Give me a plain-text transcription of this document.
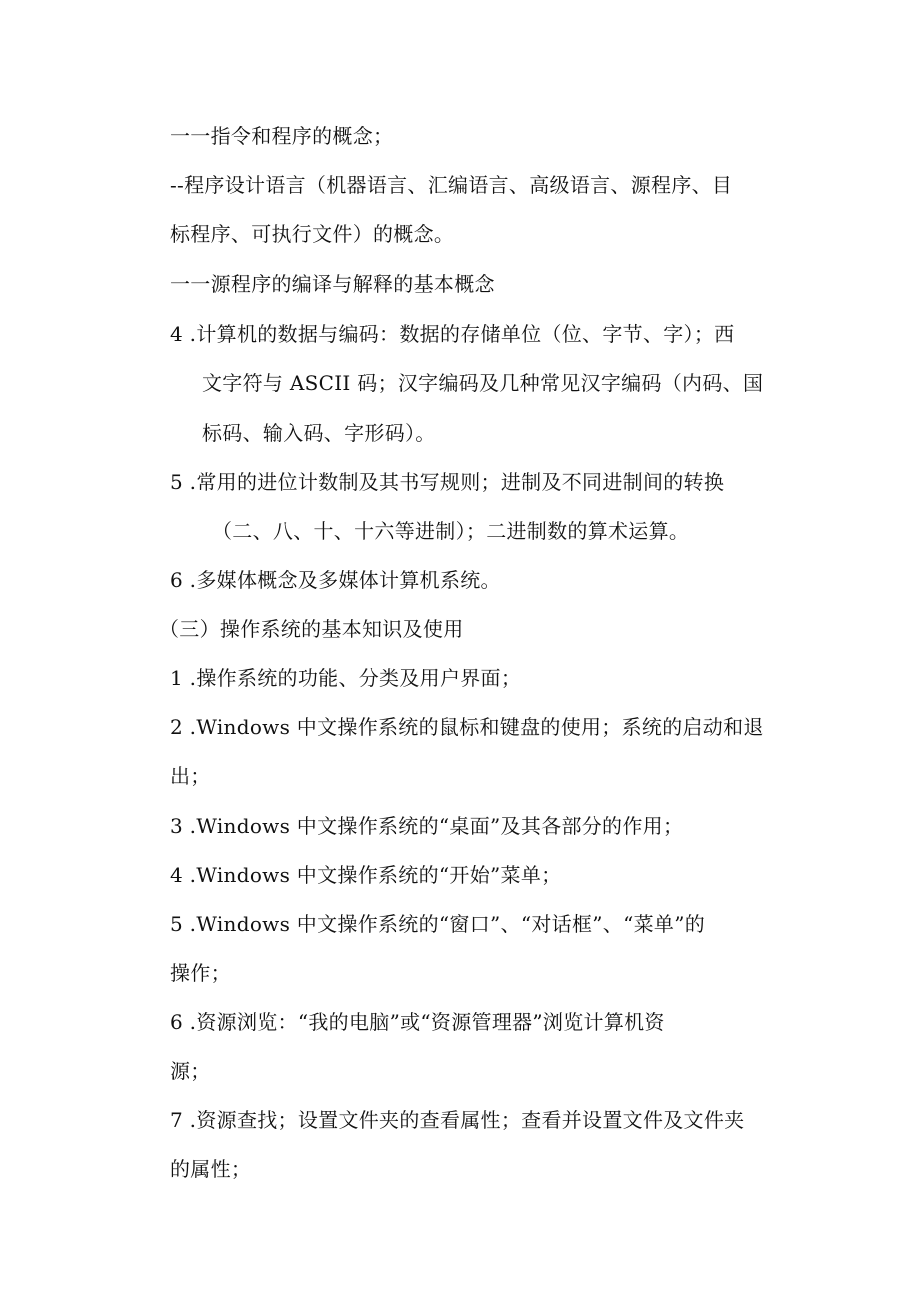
一一指令和程序的概念；
--程序设计语言（机器语言、汇编语言、高级语言、源程序、目
标程序、可执行文件）的概念。
一一源程序的编译与解释的基本概念
4 .计算机的数据与编码：数据的存储单位（位、字节、字）；西
文字符与 ASCII 码；汉字编码及几种常见汉字编码（内码、国
标码、输入码、字形码）。
5 .常用的进位计数制及其书写规则；进制及不同进制间的转换
（二、八、十、十六等进制）；二进制数的算术运算。
6 .多媒体概念及多媒体计算机系统。
（三）操作系统的基本知识及使用
1 .操作系统的功能、分类及用户界面；
2 .Windows 中文操作系统的鼠标和键盘的使用；系统的启动和退
出；
3 .Windows 中文操作系统的“桌面”及其各部分的作用；
4 .Windows 中文操作系统的“开始”菜单；
5 .Windows 中文操作系统的“窗口”、“对话框”、“菜单”的
操作；
6 .资源浏览：“我的电脑”或“资源管理器”浏览计算机资
源；
7 .资源查找；设置文件夹的查看属性；查看并设置文件及文件夹
的属性；
